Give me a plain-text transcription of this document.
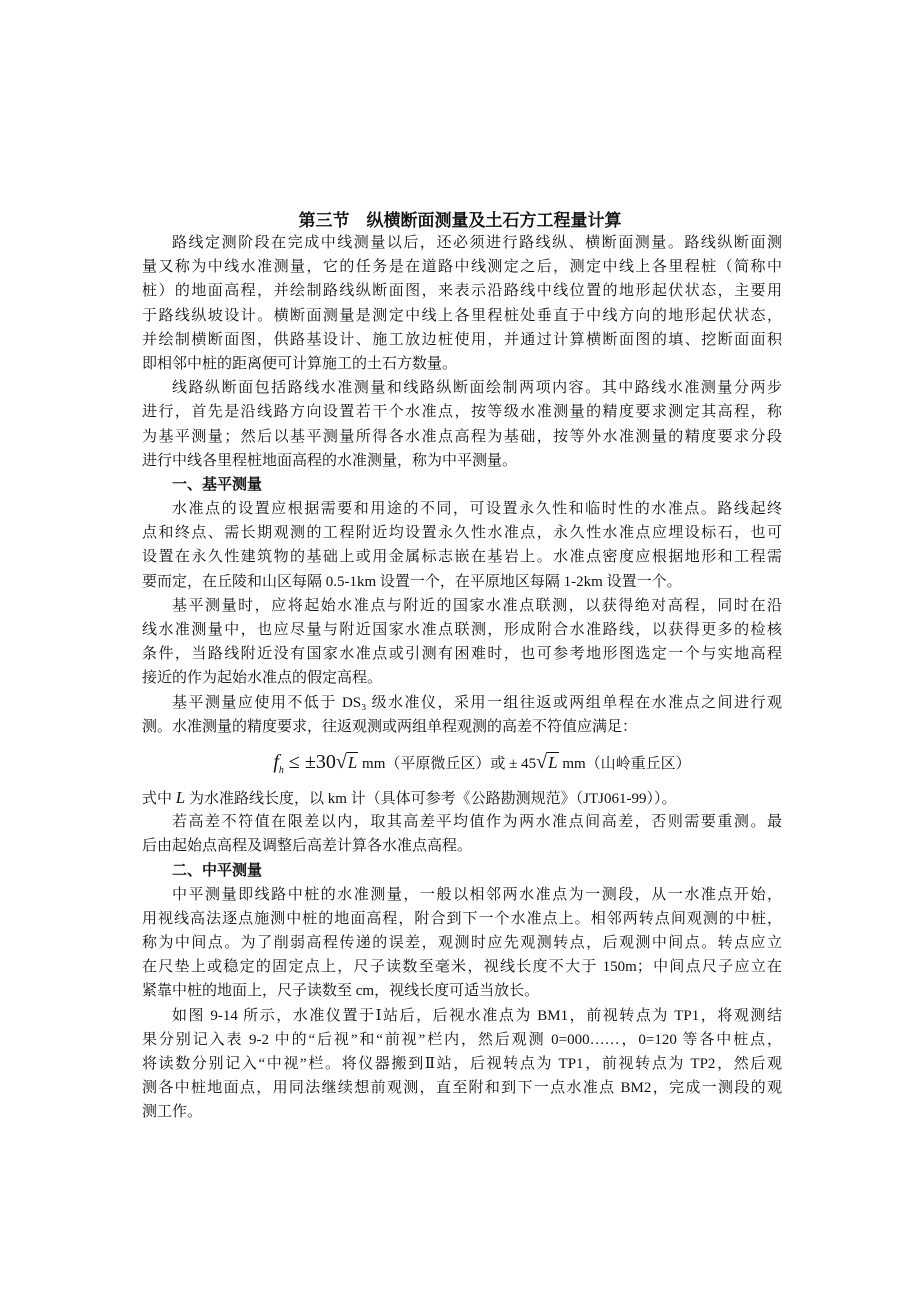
第三节　纵横断面测量及土石方工程量计算
路线定测阶段在完成中线测量以后，还必须进行路线纵、横断面测量。路线纵断面测
量又称为中线水准测量，它的任务是在道路中线测定之后，测定中线上各里程桩（简称中
桩）的地面高程，并绘制路线纵断面图，来表示沿路线中线位置的地形起伏状态，主要用
于路线纵坡设计。横断面测量是测定中线上各里程桩处垂直于中线方向的地形起伏状态，
并绘制横断面图，供路基设计、施工放边桩使用，并通过计算横断面图的填、挖断面面积
即相邻中桩的距离便可计算施工的土石方数量。
线路纵断面包括路线水准测量和线路纵断面绘制两项内容。其中路线水准测量分两步
进行，首先是沿线路方向设置若干个水准点，按等级水准测量的精度要求测定其高程，称
为基平测量；然后以基平测量所得各水准点高程为基础，按等外水准测量的精度要求分段
进行中线各里程桩地面高程的水准测量，称为中平测量。
一、基平测量
水准点的设置应根据需要和用途的不同，可设置永久性和临时性的水准点。路线起终
点和终点、需长期观测的工程附近均设置永久性水准点，永久性水准点应埋设标石，也可
设置在永久性建筑物的基础上或用金属标志嵌在基岩上。水准点密度应根据地形和工程需
要而定，在丘陵和山区每隔 0.5-1km 设置一个，在平原地区每隔 1-2km 设置一个。
基平测量时，应将起始水准点与附近的国家水准点联测，以获得绝对高程，同时在沿
线水准测量中，也应尽量与附近国家水准点联测，形成附合水准路线，以获得更多的检核
条件，当路线附近没有国家水准点或引测有困难时，也可参考地形图选定一个与实地高程
接近的作为起始水准点的假定高程。
基平测量应使用不低于 DS₃ 级水准仪，采用一组往返或两组单程在水准点之间进行观
测。水准测量的精度要求，往返观测或两组单程观测的高差不符值应满足：
$f_h \le \pm 30√L$ mm（平原微丘区）或 ± 45√L mm（山岭重丘区）
式中 L 为水准路线长度，以 km 计（具体可参考《公路勘测规范》（JTJ061-99））。
若高差不符值在限差以内，取其高差平均值作为两水准点间高差，否则需要重测。最
后由起始点高程及调整后高差计算各水准点高程。
二、中平测量
中平测量即线路中桩的水准测量，一般以相邻两水准点为一测段，从一水准点开始，
用视线高法逐点施测中桩的地面高程，附合到下一个水准点上。相邻两转点间观测的中桩，
称为中间点。为了削弱高程传递的误差，观测时应先观测转点，后观测中间点。转点应立
在尺垫上或稳定的固定点上，尺子读数至毫米，视线长度不大于 150m；中间点尺子应立在
紧靠中桩的地面上，尺子读数至 cm，视线长度可适当放长。
如图 9-14 所示，水准仪置于Ⅰ站后，后视水准点为 BM1，前视转点为 TP1，将观测结
果分别记入表 9-2 中的“后视”和“前视”栏内，然后观测 0=000……，0=120 等各中桩点，
将读数分别记入“中视”栏。将仪器搬到Ⅱ站，后视转点为 TP1，前视转点为 TP2，然后观
测各中桩地面点，用同法继续想前观测，直至附和到下一点水准点 BM2，完成一测段的观
测工作。
